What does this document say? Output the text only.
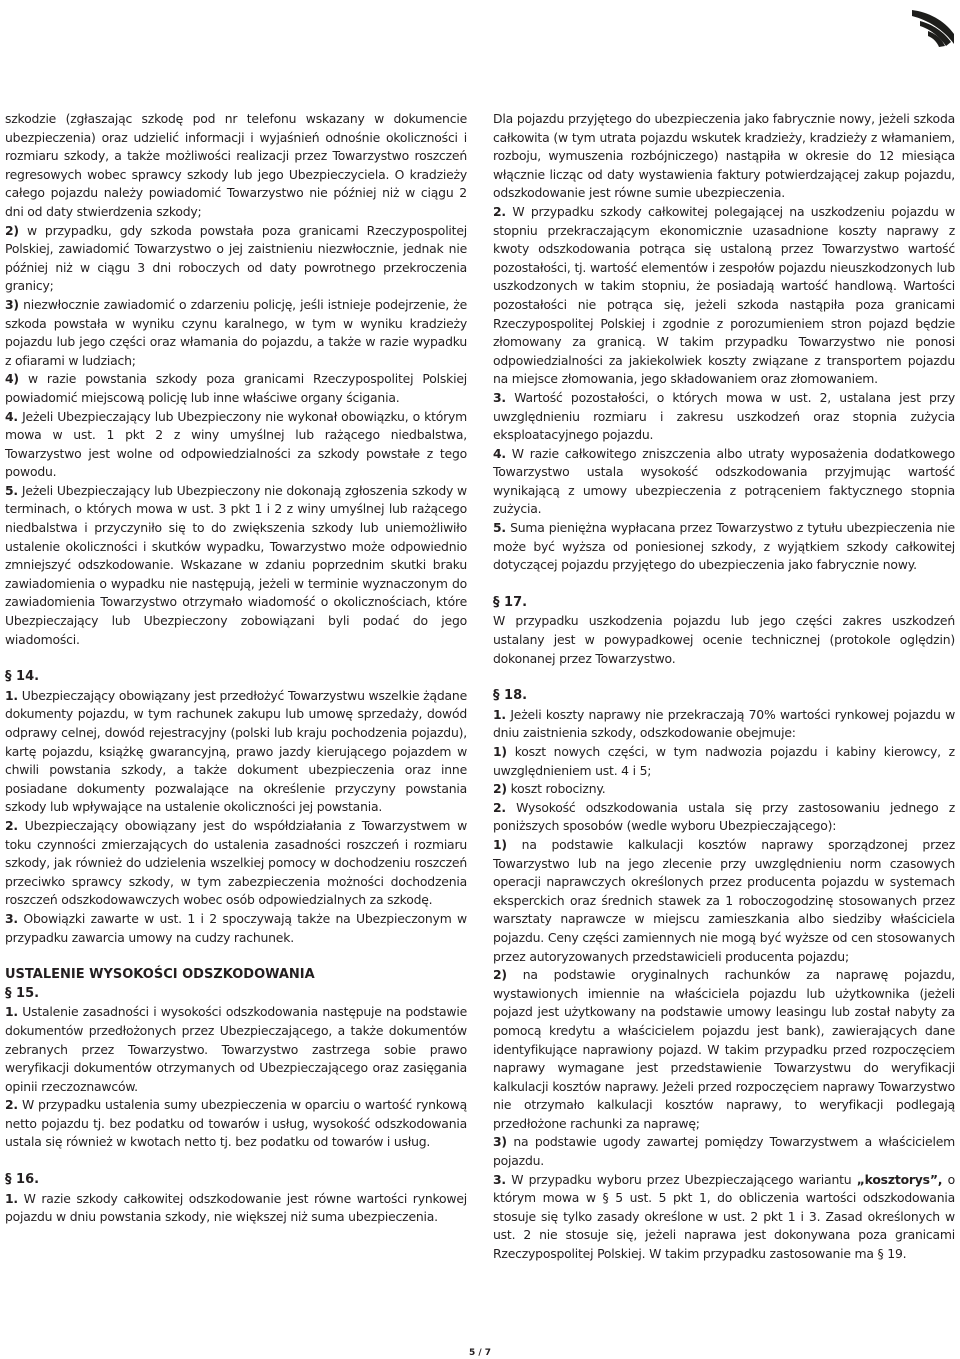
szkodzie (zgłaszając szkodę pod nr telefonu wskazany w dokumencie ubezpieczenia) oraz udzielić informacji i wyjaśnień odnośnie okoliczności i rozmiaru szkody, a także możliwości realizacji przez Towarzystwo roszczeń regresowych wobec sprawcy szkody lub jego Ubezpieczyciela. O kradzieży całego pojazdu należy powiadomić Towarzystwo nie później niż w ciągu 2 dni od daty stwierdzenia szkody;

2) w przypadku, gdy szkoda powstała poza granicami Rzeczypospolitej Polskiej, zawiadomić Towarzystwo o jej zaistnieniu niezwłocznie, jednak nie później niż w ciągu 3 dni roboczych od daty powrotnego przekroczenia granicy;

3) niezwłocznie zawiadomić o zdarzeniu policję, jeśli istnieje podejrzenie, że szkoda powstała w wyniku czynu karalnego, w tym w wyniku kradzieży pojazdu lub jego części oraz włamania do pojazdu, a także w razie wypadku z ofiarami w ludziach;

4) w razie powstania szkody poza granicami Rzeczypospolitej Polskiej powiadomić miejscową policję lub inne właściwe organy ścigania.

4. Jeżeli Ubezpieczający lub Ubezpieczony nie wykonał obowiązku, o którym mowa w ust. 1 pkt 2 z winy umyślnej lub rażącego niedbalstwa, Towarzystwo jest wolne od odpowiedzialności za szkody powstałe z tego powodu.

5. Jeżeli Ubezpieczający lub Ubezpieczony nie dokonają zgłoszenia szkody w terminach, o których mowa w ust. 3 pkt 1 i 2 z winy umyślnej lub rażącego niedbalstwa i przyczyniło się to do zwiększenia szkody lub uniemożliwiło ustalenie okoliczności i skutków wypadku, Towarzystwo może odpowiednio zmniejszyć odszkodowanie. Wskazane w zdaniu poprzednim skutki braku zawiadomienia o wypadku nie następują, jeżeli w terminie wyznaczonym do zawiadomienia Towarzystwo otrzymało wiadomość o okolicznościach, które Ubezpieczający lub Ubezpieczony zobowiązani byli podać do jego wiadomości.

§ 14.

1. Ubezpieczający obowiązany jest przedłożyć Towarzystwu wszelkie żądane dokumenty pojazdu, w tym rachunek zakupu lub umowę sprzedaży, dowód odprawy celnej, dowód rejestracyjny (polski lub kraju pochodzenia pojazdu), kartę pojazdu, książkę gwarancyjną, prawo jazdy kierującego pojazdem w chwili powstania szkody, a także dokument ubezpieczenia oraz inne posiadane dokumenty pozwalające na określenie przyczyny powstania szkody lub wpływające na ustalenie okoliczności jej powstania.

2. Ubezpieczający obowiązany jest do współdziałania z Towarzystwem w toku czynności zmierzających do ustalenia zasadności roszczeń i rozmiaru szkody, jak również do udzielenia wszelkiej pomocy w dochodzeniu roszczeń przeciwko sprawcy szkody, w tym zabezpieczenia możności dochodzenia roszczeń odszkodowawczych wobec osób odpowiedzialnych za szkodę.

3. Obowiązki zawarte w ust. 1 i 2 spoczywają także na Ubezpieczonym w przypadku zawarcia umowy na cudzy rachunek.

USTALENIE WYSOKOŚCI ODSZKODOWANIA

§ 15.

1. Ustalenie zasadności i wysokości odszkodowania następuje na podstawie dokumentów przedłożonych przez Ubezpieczającego, a także dokumentów zebranych przez Towarzystwo. Towarzystwo zastrzega sobie prawo weryfikacji dokumentów otrzymanych od Ubezpieczającego oraz zasięgania opinii rzeczoznawców.

2. W przypadku ustalenia sumy ubezpieczenia w oparciu o wartość rynkową netto pojazdu tj. bez podatku od towarów i usług, wysokość odszkodowania ustala się również w kwotach netto tj. bez podatku od towarów i usług.

§ 16.

1. W razie szkody całkowitej odszkodowanie jest równe wartości rynkowej pojazdu w dniu powstania szkody, nie większej niż suma ubezpieczenia.

Dla pojazdu przyjętego do ubezpieczenia jako fabrycznie nowy, jeżeli szkoda całkowita (w tym utrata pojazdu wskutek kradzieży, kradzieży z włamaniem, rozboju, wymuszenia rozbójniczego) nastąpiła w okresie do 12 miesiąca włącznie licząc od daty wystawienia faktury potwierdzającej zakup pojazdu, odszkodowanie jest równe sumie ubezpieczenia.

2. W przypadku szkody całkowitej polegającej na uszkodzeniu pojazdu w stopniu przekraczającym ekonomicznie uzasadnione koszty naprawy z kwoty odszkodowania potrąca się ustaloną przez Towarzystwo wartość pozostałości, tj. wartość elementów i zespołów pojazdu nieuszkodzonych lub uszkodzonych w takim stopniu, że posiadają wartość handlową. Wartości pozostałości nie potrąca się, jeżeli szkoda nastąpiła poza granicami Rzeczypospolitej Polskiej i zgodnie z porozumieniem stron pojazd będzie złomowany za granicą. W takim przypadku Towarzystwo nie ponosi odpowiedzialności za jakiekolwiek koszty związane z transportem pojazdu na miejsce złomowania, jego składowaniem oraz złomowaniem.

3. Wartość pozostałości, o których mowa w ust. 2, ustalana jest przy uwzględnieniu rozmiaru i zakresu uszkodzeń oraz stopnia zużycia eksploatacyjnego pojazdu.

4. W razie całkowitego zniszczenia albo utraty wyposażenia dodatkowego Towarzystwo ustala wysokość odszkodowania przyjmując wartość wynikającą z umowy ubezpieczenia z potrąceniem faktycznego stopnia zużycia.

5. Suma pieniężna wypłacana przez Towarzystwo z tytułu ubezpieczenia nie może być wyższa od poniesionej szkody, z wyjątkiem szkody całkowitej dotyczącej pojazdu przyjętego do ubezpieczenia jako fabrycznie nowy.

§ 17.

W przypadku uszkodzenia pojazdu lub jego części zakres uszkodzeń ustalany jest w powypadkowej ocenie technicznej (protokole oględzin) dokonanej przez Towarzystwo.

§ 18.

1. Jeżeli koszty naprawy nie przekraczają 70% wartości rynkowej pojazdu w dniu zaistnienia szkody, odszkodowanie obejmuje:

1) koszt nowych części, w tym nadwozia pojazdu i kabiny kierowcy, z uwzględnieniem ust. 4 i 5;

2) koszt robocizny.

2. Wysokość odszkodowania ustala się przy zastosowaniu jednego z poniższych sposobów (wedle wyboru Ubezpieczającego):

1) na podstawie kalkulacji kosztów naprawy sporządzonej przez Towarzystwo lub na jego zlecenie przy uwzględnieniu norm czasowych operacji naprawczych określonych przez producenta pojazdu w systemach eksperckich oraz średnich stawek za 1 roboczogodzinę stosowanych przez warsztaty naprawcze w miejscu zamieszkania albo siedziby właściciela pojazdu. Ceny części zamiennych nie mogą być wyższe od cen stosowanych przez autoryzowanych przedstawicieli producenta pojazdu;

2) na podstawie oryginalnych rachunków za naprawę pojazdu, wystawionych imiennie na właściciela pojazdu lub użytkownika (jeżeli pojazd jest użytkowany na podstawie umowy leasingu lub został nabyty za pomocą kredytu a właścicielem pojazdu jest bank), zawierających dane identyfikujące naprawiony pojazd. W takim przypadku przed rozpoczęciem naprawy wymagane jest przedstawienie Towarzystwu do weryfikacji kalkulacji kosztów naprawy. Jeżeli przed rozpoczęciem naprawy Towarzystwo nie otrzymało kalkulacji kosztów naprawy, to weryfikacji podlegają przedłożone rachunki za naprawę;

3) na podstawie ugody zawartej pomiędzy Towarzystwem a właścicielem pojazdu.

3. W przypadku wyboru przez Ubezpieczającego wariantu „kosztorys”, o którym mowa w § 5 ust. 5 pkt 1, do obliczenia wartości odszkodowania stosuje się tylko zasady określone w ust. 2 pkt 1 i 3. Zasad określonych w ust. 2 nie stosuje się, jeżeli naprawa jest dokonywana poza granicami Rzeczypospolitej Polskiej. W takim przypadku zastosowanie ma § 19.

5 / 7
